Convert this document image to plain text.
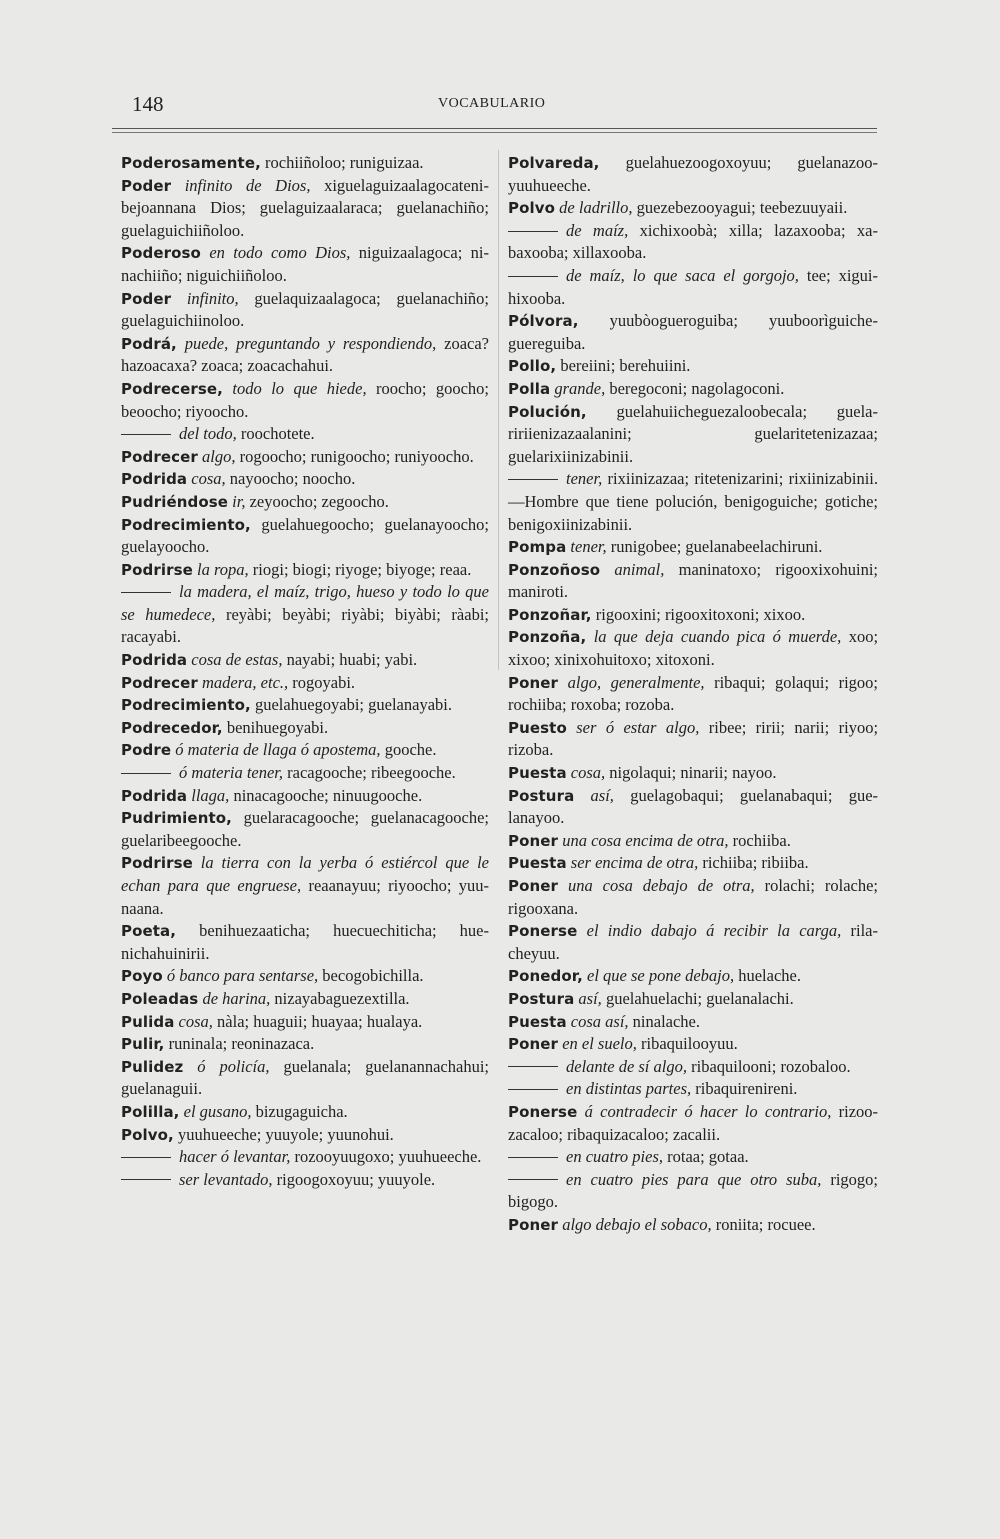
148	VOCABULARIO

Poderosamente, rochiiñoloo; runiguizaa.

Poder infinito de Dios, xiguelaguizaalagocatenibejoannana Dios; guelaguizaalaraca; guelanachiño; guelaguichiiñoloo.

Poderoso en todo como Dios, niguizaalagoca; ninachiiño; niguichiiñoloo.

Poder infinito, guelaquizaalagoca; guelanachiño; guelaguichiinoloo.

Podrá, puede, preguntando y respondiendo, zoaca? hazoacaxa? zoaca; zoacachahui.

Podrecerse, todo lo que hiede, roocho; goocho; beoocho; riyoocho.

del todo, roochotete.

Podrecer algo, rogoocho; runigoocho; runiyoocho.

Podrida cosa, nayoocho; noocho.

Pudriéndose ir, zeyoocho; zegoocho.

Podrecimiento, guelahuegoocho; guelanayoocho; guelayoocho.

Podrirse la ropa, riogi; biogi; riyoge; biyoge; reaa.

la madera, el maíz, trigo, hueso y todo lo que se humedece, reyàbi; beyàbi; riyàbi; biyàbi; ràabi; racayabi.

Podrida cosa de estas, nayabi; huabi; yabi.

Podrecer madera, etc., rogoyabi.

Podrecimiento, guelahuegoyabi; guelanayabi.

Podrecedor, benihuegoyabi.

Podre ó materia de llaga ó apostema, gooche.

ó materia tener, racagooche; ribeegooche.

Podrida llaga, ninacagooche; ninuugooche.

Pudrimiento, guelaracagooche; guelanacagooche; guelaribeegooche.

Podrirse la tierra con la yerba ó estiércol que le echan para que engruese, reaanayuu; riyoocho; yuunaana.

Poeta, benihuezaaticha; huecuechiticha; huenichahuinirii.

Poyo ó banco para sentarse, becogobichilla.

Poleadas de harina, nizayabaguezextilla.

Pulida cosa, nàla; huaguii; huayaa; hualaya.

Pulir, runinala; reoninazaca.

Pulidez ó policía, guelanala; guelanannachahui; guelanaguii.

Polilla, el gusano, bizugaguicha.

Polvo, yuuhueeche; yuuyole; yuunohui.

hacer ó levantar, rozooyuugoxo; yuuhueeche.

ser levantado, rigoogoxoyuu; yuuyole.

Polvareda, guelahuezoogoxoyuu; guelanazooyuuhueeche.

Polvo de ladrillo, guezebezooyagui; teebezuuyaii.

de maíz, xichixoobà; xilla; lazaxooba; xabaxooba; xillaxooba.

de maíz, lo que saca el gorgojo, tee; xiguihixooba.

Pólvora, yuubòogueroguiba; yuuboorìguicheguereguiba.

Pollo, bereiini; berehuiini.

Polla grande, beregoconi; nagolagoconi.

Polución, guelahuiicheguezaloobecala; guelaririienizazaalanini; guelaritetenizazaa; guelarixiinizabinii.

tener, rixiinizazaa; ritetenizarini; rixiinizabinii.—Hombre que tiene polución, benigoguiche; gotiche; benigoxiinizabinii.

Pompa tener, runigobee; guelanabeelachiruni.

Ponzoñoso animal, maninatoxo; rigooxixohuini; maniroti.

Ponzoñar, rigooxini; rigooxitoxoni; xixoo.

Ponzoña, la que deja cuando pica ó muerde, xoo; xixoo; xinixohuitoxo; xitoxoni.

Poner algo, generalmente, ribaqui; golaqui; rigoo; rochiiba; roxoba; rozoba.

Puesto ser ó estar algo, ribee; ririi; narii; riyoo; rizoba.

Puesta cosa, nigolaqui; ninarii; nayoo.

Postura así, guelagobaqui; guelanabaqui; guelanayoo.

Poner una cosa encima de otra, rochiiba.

Puesta ser encima de otra, richiiba; ribiiba.

Poner una cosa debajo de otra, rolachi; rolache; rigooxana.

Ponerse el indio dabajo á recibir la carga, rilacheyuu.

Ponedor, el que se pone debajo, huelache.

Postura así, guelahuelachi; guelanalachi.

Puesta cosa así, ninalache.

Poner en el suelo, ribaquilooyuu.

delante de sí algo, ribaquilooni; rozobaloo.

en distintas partes, ribaquirenireni.

Ponerse á contradecir ó hacer lo contrario, rizoozacaloo; ribaquizacaloo; zacalii.

en cuatro pies, rotaa; gotaa.

en cuatro pies para que otro suba, rigogo; bigogo.

Poner algo debajo el sobaco, roniita; rocuee.
